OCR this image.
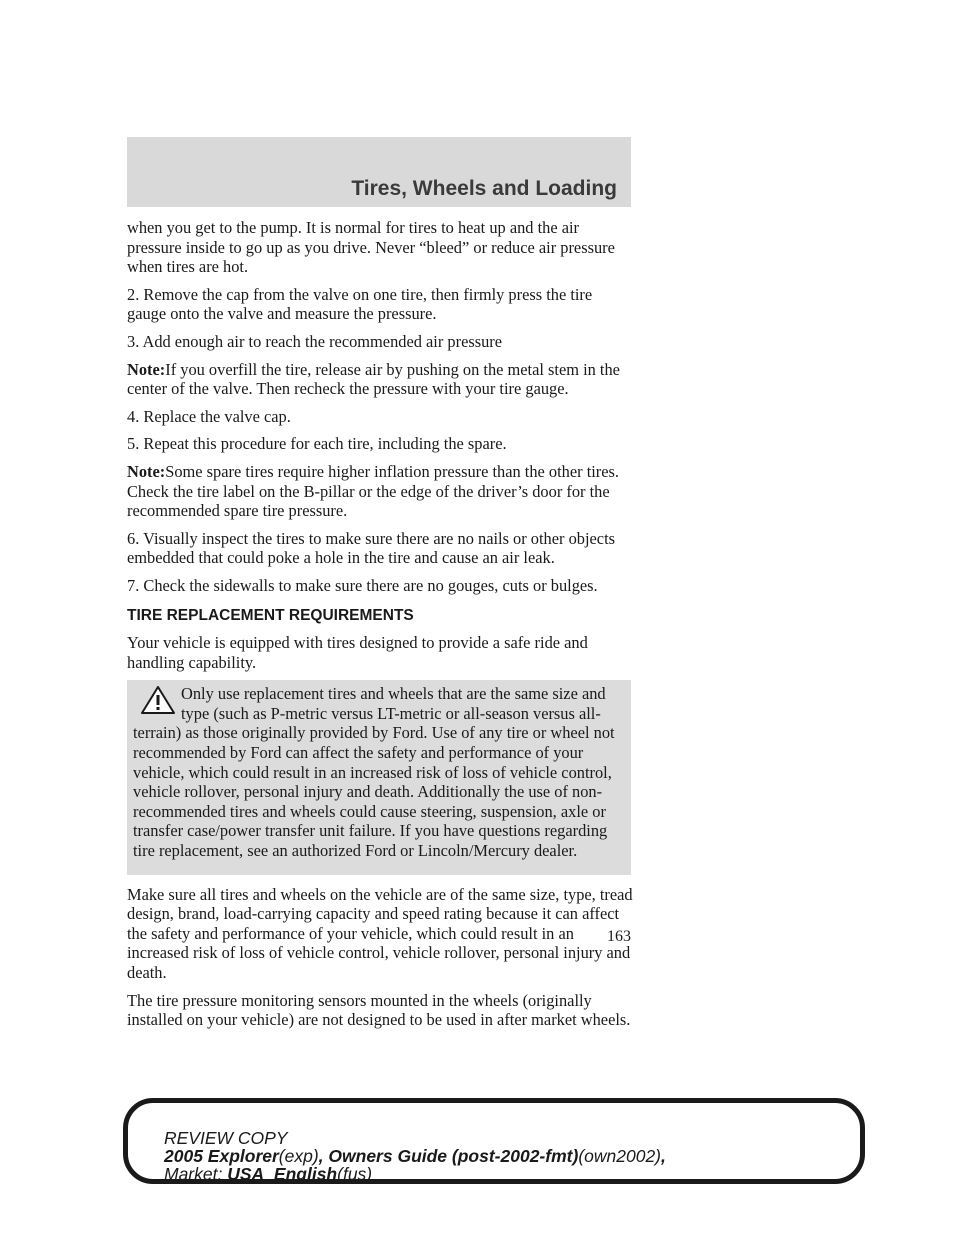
Tires, Wheels and Loading

when you get to the pump. It is normal for tires to heat up and the air pressure inside to go up as you drive. Never “bleed” or reduce air pressure when tires are hot.

2. Remove the cap from the valve on one tire, then firmly press the tire gauge onto the valve and measure the pressure.

3. Add enough air to reach the recommended air pressure

Note:If you overfill the tire, release air by pushing on the metal stem in the center of the valve. Then recheck the pressure with your tire gauge.

4. Replace the valve cap.

5. Repeat this procedure for each tire, including the spare.

Note:Some spare tires require higher inflation pressure than the other tires. Check the tire label on the B-pillar or the edge of the driver’s door for the recommended spare tire pressure.

6. Visually inspect the tires to make sure there are no nails or other objects embedded that could poke a hole in the tire and cause an air leak.

7. Check the sidewalls to make sure there are no gouges, cuts or bulges.

TIRE REPLACEMENT REQUIREMENTS

Your vehicle is equipped with tires designed to provide a safe ride and handling capability.

Only use replacement tires and wheels that are the same size and type (such as P-metric versus LT-metric or all-season versus all-terrain) as those originally provided by Ford. Use of any tire or wheel not recommended by Ford can affect the safety and performance of your vehicle, which could result in an increased risk of loss of vehicle control, vehicle rollover, personal injury and death. Additionally the use of non-recommended tires and wheels could cause steering, suspension, axle or transfer case/power transfer unit failure. If you have questions regarding tire replacement, see an authorized Ford or Lincoln/Mercury dealer.

Make sure all tires and wheels on the vehicle are of the same size, type, tread design, brand, load-carrying capacity and speed rating because it can affect the safety and performance of your vehicle, which could result in an increased risk of loss of vehicle control, vehicle rollover, personal injury and death.

The tire pressure monitoring sensors mounted in the wheels (originally installed on your vehicle) are not designed to be used in after market wheels.

163
REVIEW COPY
2005 Explorer(exp), Owners Guide (post-2002-fmt)(own2002),
Market: USA_English(fus)
